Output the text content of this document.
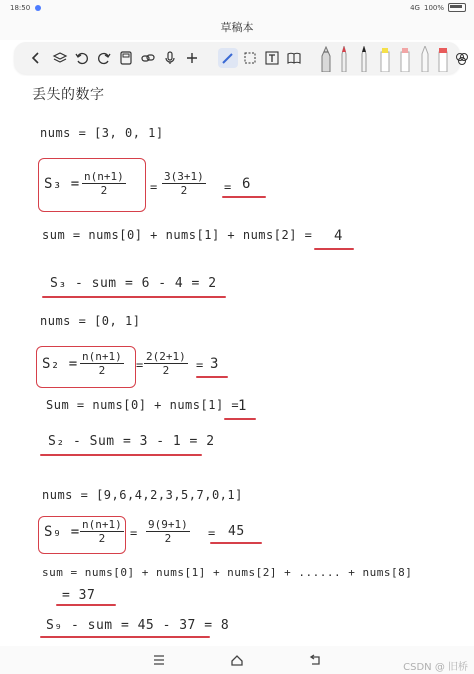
18:50	4G 100%
草稿本
丢失的数字
nums = [3, 0, 1]
$S_3 = \frac{n(n+1)}{2} = \frac{3(3+1)}{2} = 6$
sum = nums[0] + nums[1] + nums[2] = 4
S₃ - sum = 6 - 4 = 2
nums = [0, 1]
$S_2 = \frac{n(n+1)}{2} = \frac{2(2+1)}{2} = 3$
Sum = nums[0] + nums[1] =
1
S₂ - Sum = 3 - 1 = 2
nums = [9,6,4,2,3,5,7,0,1]
$S_9 = \frac{n(n+1)}{2} = \frac{9(9+1)}{2} = 45$
sum = nums[0] + nums[1] + nums[2] + ...... + nums[8]
= 37
S₉ - sum = 45 - 37 = 8
CSDN @ 旧桥
